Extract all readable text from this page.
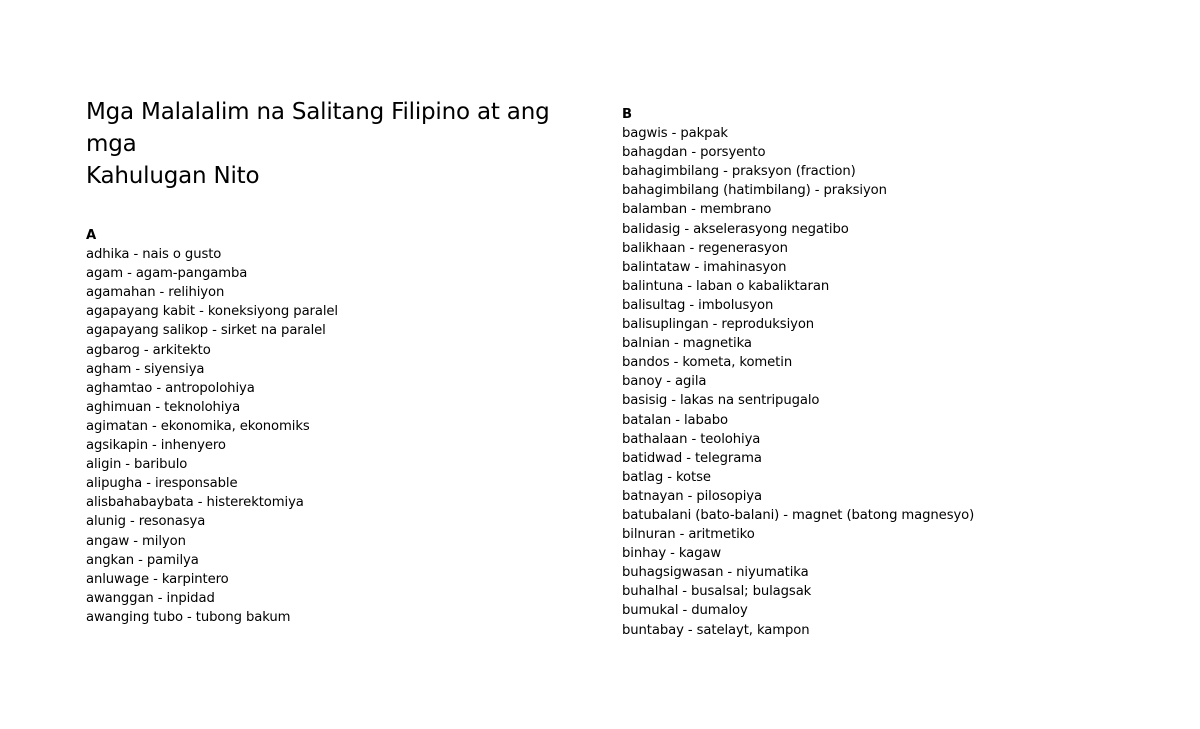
Mga Malalalim na Salitang Filipino at ang mga
Kahulugan Nito
A
adhika - nais o gusto
agam - agam-pangamba
agamahan - relihiyon
agapayang kabit - koneksiyong paralel
agapayang salikop - sirket na paralel
agbarog - arkitekto
agham - siyensiya
aghamtao - antropolohiya
aghimuan - teknolohiya
agimatan - ekonomika, ekonomiks
agsikapin - inhenyero
aligin - baribulo
alipugha - iresponsable
alisbahabaybata - histerektomiya
alunig - resonasya
angaw - milyon
angkan - pamilya
anluwage - karpintero
awanggan - inpidad
awanging tubo - tubong bakum
B
bagwis - pakpak
bahagdan - porsyento
bahagimbilang - praksyon (fraction)
bahagimbilang (hatimbilang) - praksiyon
balamban - membrano
balidasig - akselerasyong negatibo
balikhaan - regenerasyon
balintataw - imahinasyon
balintuna - laban o kabaliktaran
balisultag - imbolusyon
balisuplingan - reproduksiyon
balnian - magnetika
bandos - kometa, kometin
banoy - agila
basisig - lakas na sentripugalo
batalan - lababo
bathalaan - teolohiya
batidwad - telegrama
batlag - kotse
batnayan - pilosopiya
batubalani (bato-balani) - magnet (batong magnesyo)
bilnuran - aritmetiko
binhay - kagaw
buhagsigwasan - niyumatika
buhalhal - busalsal; bulagsak
bumukal - dumaloy
buntabay - satelayt, kampon
